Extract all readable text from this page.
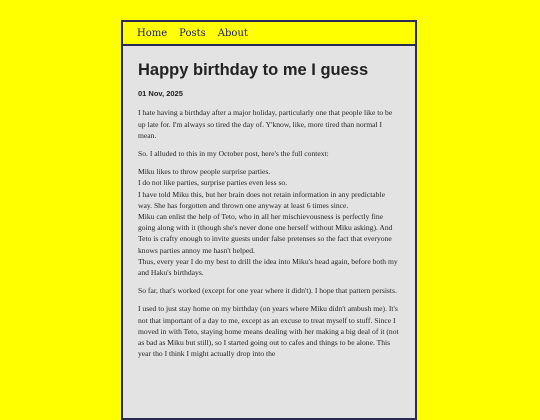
Home Posts About
Happy birthday to me I guess
01 Nov, 2025

I hate having a birthday after a major holiday, particularly one that people like to be up late for. I'm always so tired the day of. Y'know, like, more tired than normal I mean.

So. I alluded to this in my October post, here's the full context:

Miku likes to throw people surprise parties.
I do not like parties, surprise parties even less so.
I have told Miku this, but her brain does not retain information in any predictable way. She has forgotten and thrown one anyway at least 6 times since.
Miku can enlist the help of Teto, who in all her mischievousness is perfectly fine going along with it (though she's never done one herself without Miku asking). And Teto is crafty enough to invite guests under false pretenses so the fact that everyone knows parties annoy me hasn't helped.
Thus, every year I do my best to drill the idea into Miku's head again, before both my and Haku's birthdays.

So far, that's worked (except for one year where it didn't). I hope that pattern persists.

I used to just stay home on my birthday (on years where Miku didn't ambush me). It's not that important of a day to me, except as an excuse to treat myself to stuff. Since I moved in with Teto, staying home means dealing with her making a big deal of it (not as bad as Miku but still), so I started going out to cafes and things to be alone. This year tho I think I might actually drop into the
